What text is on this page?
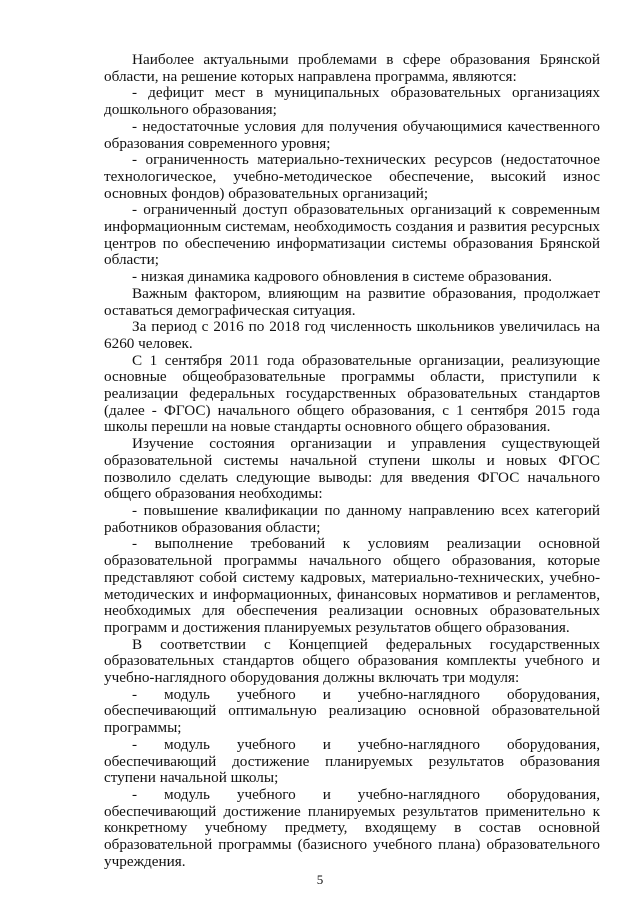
Наиболее актуальными проблемами в сфере образования Брянской области, на решение которых направлена программа, являются:

- дефицит мест в муниципальных образовательных организациях дошкольного образования;

- недостаточные условия для получения обучающимися качественного образования современного уровня;

- ограниченность материально-технических ресурсов (недостаточное технологическое, учебно-методическое обеспечение, высокий износ основных фондов) образовательных организаций;

- ограниченный доступ образовательных организаций к современным информационным системам, необходимость создания и развития ресурсных центров по обеспечению информатизации системы образования Брянской области;

- низкая динамика кадрового обновления в системе образования.

Важным фактором, влияющим на развитие образования, продолжает оставаться демографическая ситуация.

За период с 2016 по 2018 год численность школьников увеличилась на 6260 человек.

С 1 сентября 2011 года образовательные организации, реализующие основные общеобразовательные программы области, приступили к реализации федеральных государственных образовательных стандартов (далее - ФГОС) начального общего образования, с 1 сентября 2015 года школы перешли на новые стандарты основного общего образования.

Изучение состояния организации и управления существующей образовательной системы начальной ступени школы и новых ФГОС позволило сделать следующие выводы: для введения ФГОС начального общего образования необходимы:

- повышение квалификации по данному направлению всех категорий работников образования области;

- выполнение требований к условиям реализации основной образовательной программы начального общего образования, которые представляют собой систему кадровых, материально-технических, учебно-методических и информационных, финансовых нормативов и регламентов, необходимых для обеспечения реализации основных образовательных программ и достижения планируемых результатов общего образования.

В соответствии с Концепцией федеральных государственных образовательных стандартов общего образования комплекты учебного и учебно-наглядного оборудования должны включать три модуля:

- модуль учебного и учебно-наглядного оборудования, обеспечивающий оптимальную реализацию основной образовательной программы;

- модуль учебного и учебно-наглядного оборудования, обеспечивающий достижение планируемых результатов образования ступени начальной школы;

- модуль учебного и учебно-наглядного оборудования, обеспечивающий достижение планируемых результатов применительно к конкретному учебному предмету, входящему в состав основной образовательной программы (базисного учебного плана) образовательного учреждения.

5
